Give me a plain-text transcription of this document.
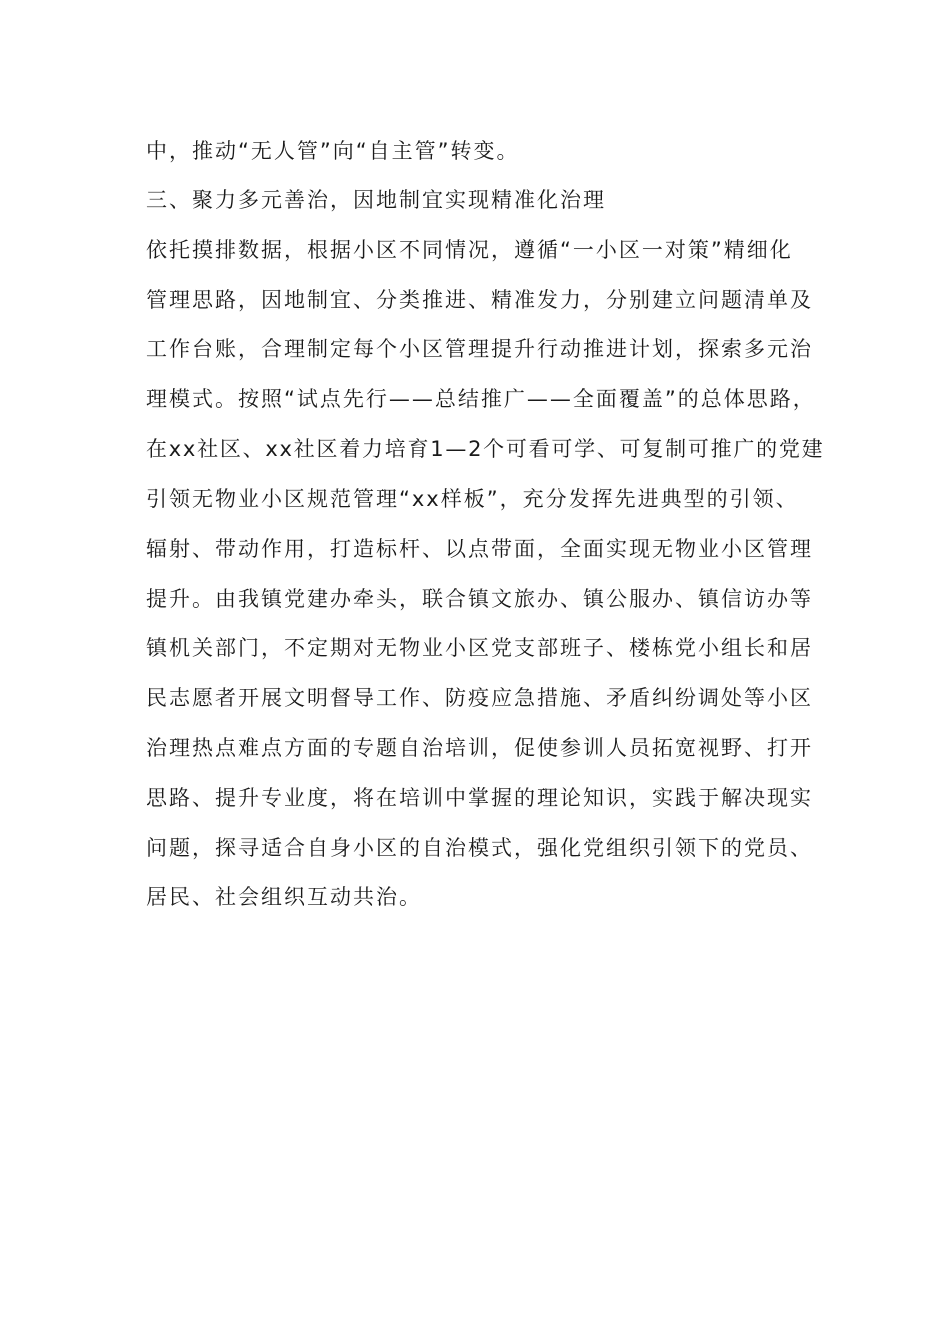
中，推动“无人管”向“自主管”转变。
三、聚力多元善治，因地制宜实现精准化治理
依托摸排数据，根据小区不同情况，遵循“一小区一对策”精细化
管理思路，因地制宜、分类推进、精准发力，分别建立问题清单及
工作台账，合理制定每个小区管理提升行动推进计划，探索多元治
理模式。按照“试点先行——总结推广——全面覆盖”的总体思路，
在xx社区、xx社区着力培育1—2个可看可学、可复制可推广的党建
引领无物业小区规范管理“xx样板”，充分发挥先进典型的引领、
辐射、带动作用，打造标杆、以点带面，全面实现无物业小区管理
提升。由我镇党建办牵头，联合镇文旅办、镇公服办、镇信访办等
镇机关部门，不定期对无物业小区党支部班子、楼栋党小组长和居
民志愿者开展文明督导工作、防疫应急措施、矛盾纠纷调处等小区
治理热点难点方面的专题自治培训，促使参训人员拓宽视野、打开
思路、提升专业度，将在培训中掌握的理论知识，实践于解决现实
问题，探寻适合自身小区的自治模式，强化党组织引领下的党员、
居民、社会组织互动共治。
